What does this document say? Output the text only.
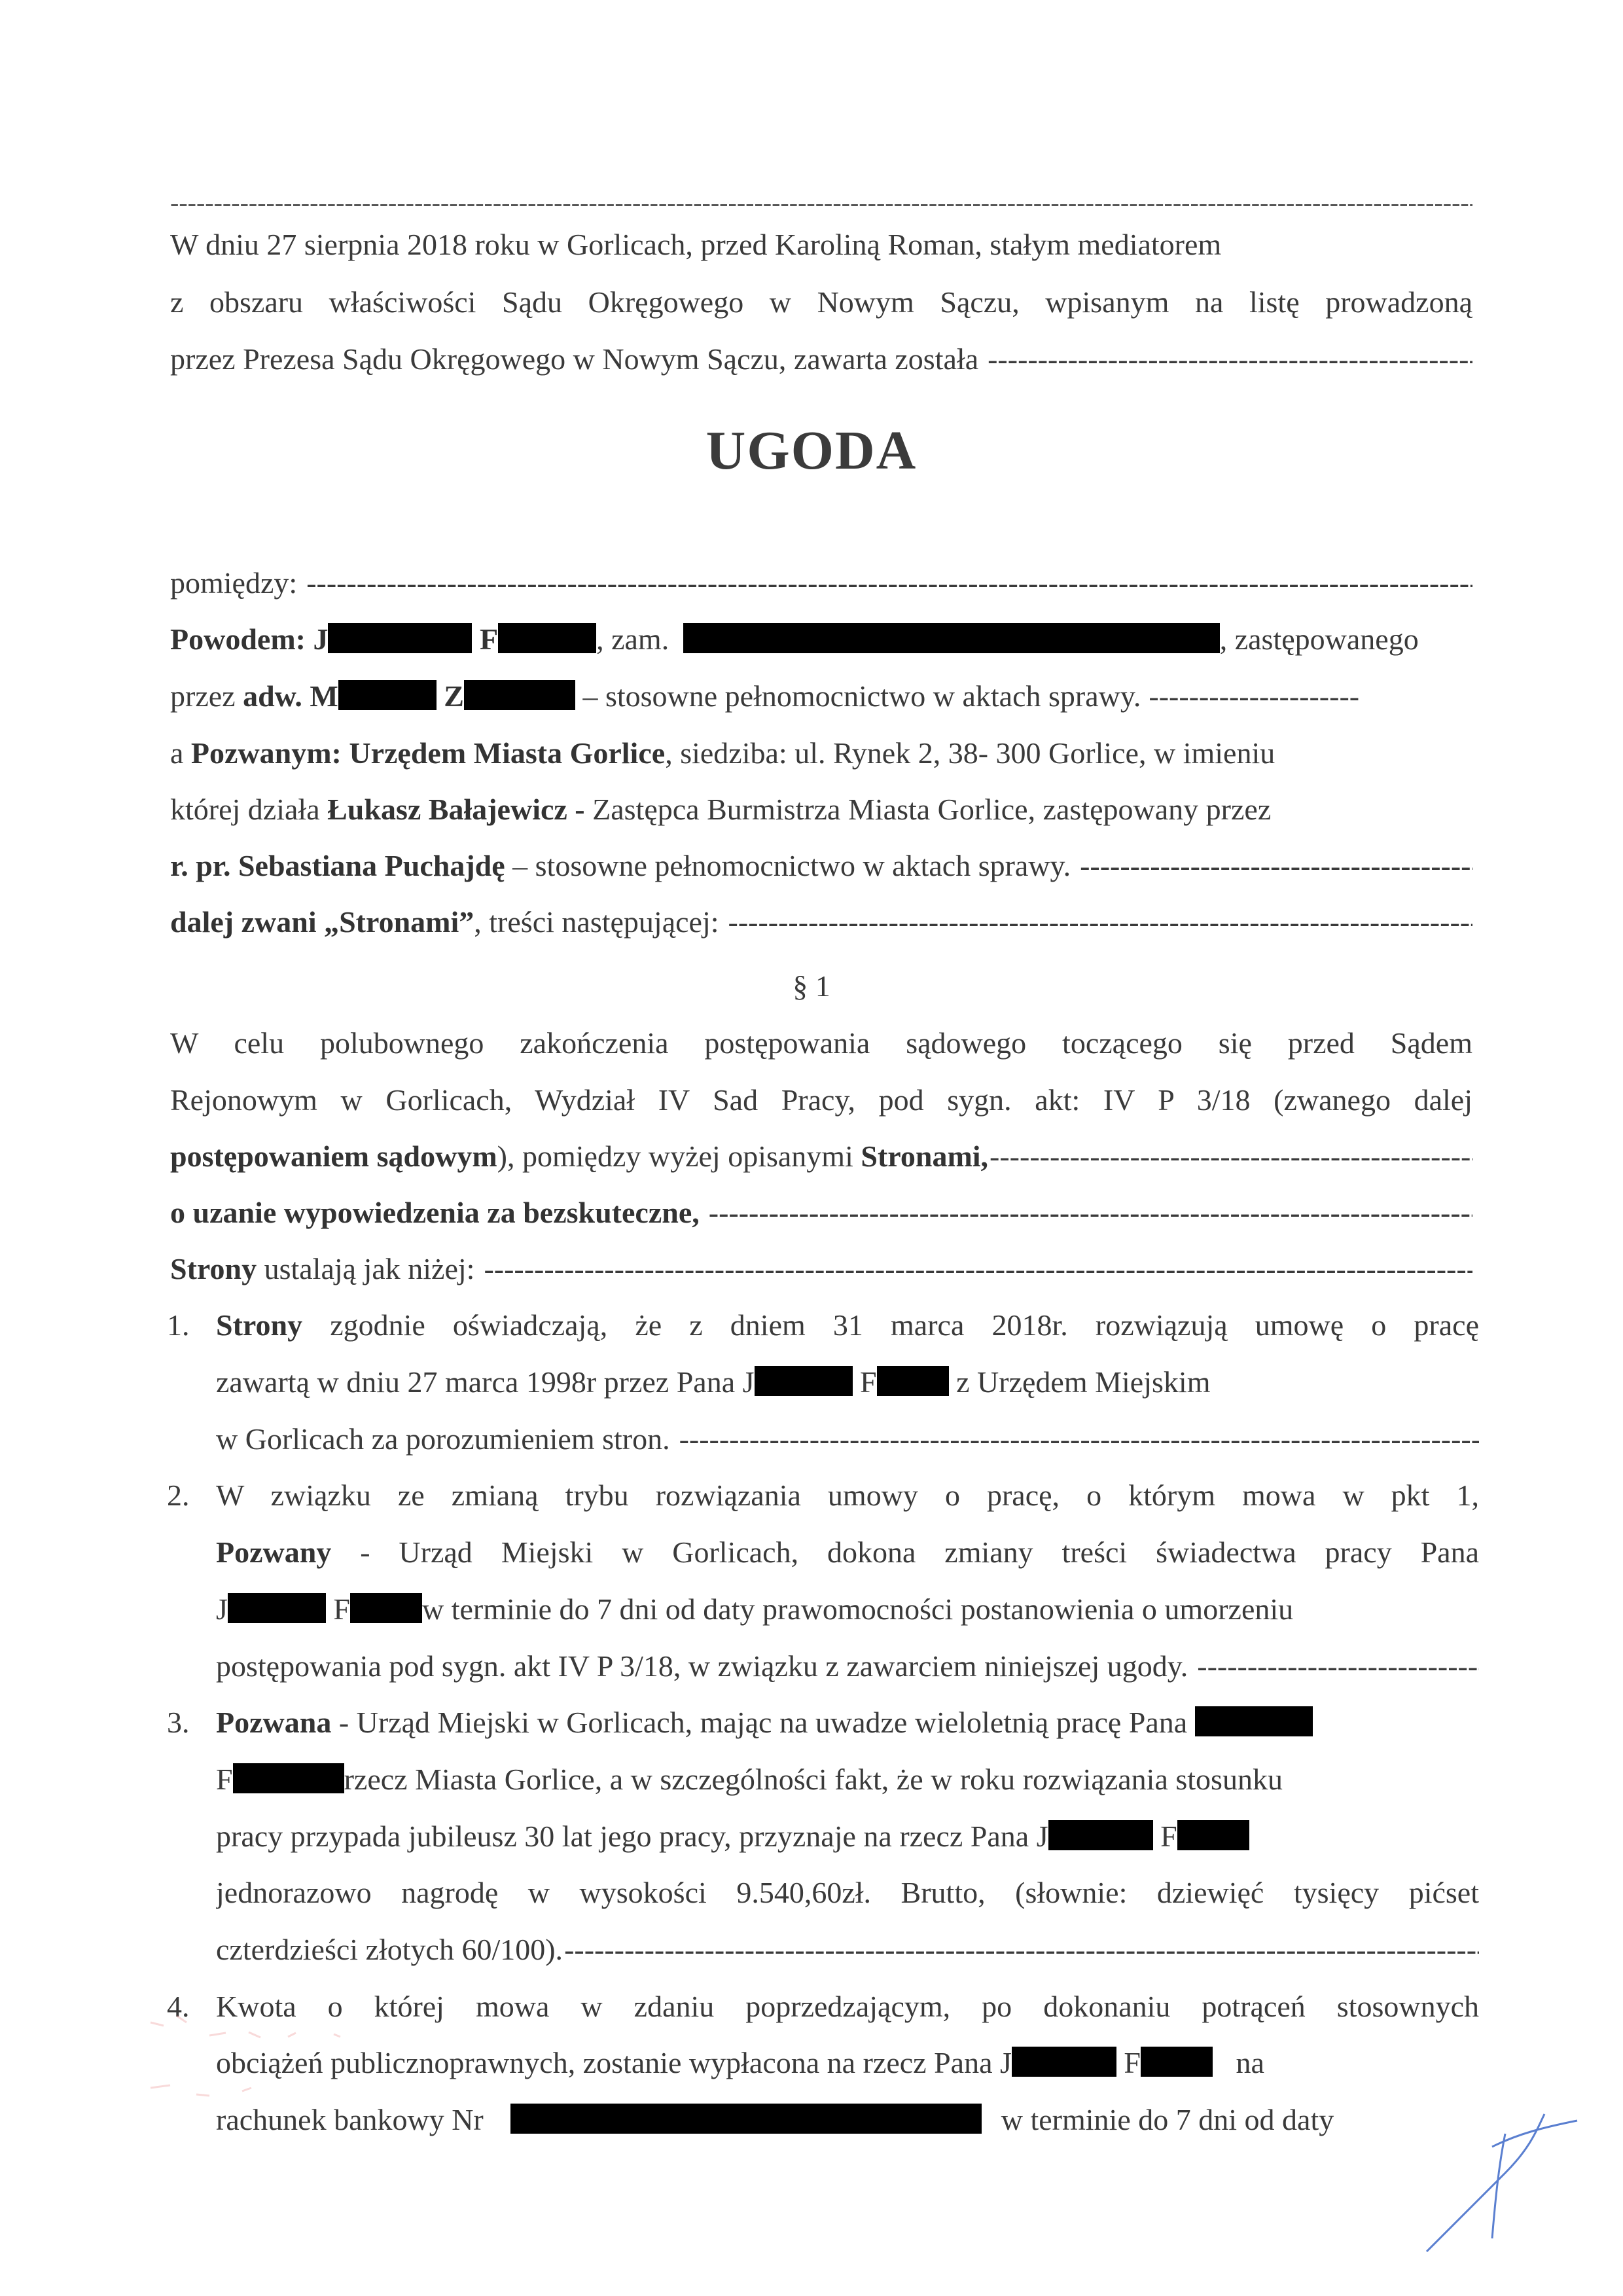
-----
W dniu 27 sierpnia 2018 roku w Gorlicach, przed Karoliną Roman, stałym mediatorem
z obszaru właściwości Sądu Okręgowego w Nowym Sączu, wpisanym na listę prowadzoną
przez Prezesa Sądu Okręgowego w Nowym Sączu, zawarta została
-----
UGODA
pomiędzy:
-----
Powodem: J	F	, zam.	, zastępowanego
przez adw. M	Z	– stosowne pełnomocnictwo w aktach sprawy. ---------------------
a Pozwanym: Urzędem Miasta Gorlice, siedziba: ul. Rynek 2, 38- 300 Gorlice, w imieniu
której działa Łukasz Bałajewicz - Zastępca Burmistrza Miasta Gorlice, zastępowany przez
r. pr. Sebastiana Puchajdę – stosowne pełnomocnictwo w aktach sprawy.
-----
dalej zwani „Stronami”, treści następującej:
-----
§ 1
W celu polubownego zakończenia postępowania sądowego toczącego się przed Sądem
Rejonowym w Gorlicach, Wydział IV Sad Pracy, pod sygn. akt: IV P 3/18 (zwanego dalej
postępowaniem sądowym), pomiędzy wyżej opisanymi Stronami,
-----
o uzanie wypowiedzenia za bezskuteczne,
-----
Strony ustalają jak niżej:
-----
1. Strony zgodnie oświadczają, że z dniem 31 marca 2018r. rozwiązują umowę o pracę
zawartą w dniu 27 marca 1998r przez Pana J	F	z Urzędem Miejskim
w Gorlicach za porozumieniem stron.
-----
2. W związku ze zmianą trybu rozwiązania umowy o pracę, o którym mowa w pkt 1,
Pozwany - Urząd Miejski w Gorlicach, dokona zmiany treści świadectwa pracy Pana
J	F w terminie do 7 dni od daty prawomocności postanowienia o umorzeniu
postępowania pod sygn. akt IV P 3/18, w związku z zawarciem niniejszej ugody.
-----
3. Pozwana - Urząd Miejski w Gorlicach, mając na uwadze wieloletnią pracę Pana
F	rzecz Miasta Gorlice, a w szczególności fakt, że w roku rozwiązania stosunku
pracy przypada jubileusz 30 lat jego pracy, przyznaje na rzecz Pana J	F
jednorazowo nagrodę w wysokości 9.540,60zł. Brutto, (słownie: dziewięć tysięcy pićset
czterdzieści złotych 60/100).
-----
4. Kwota o której mowa w zdaniu poprzedzającym, po dokonaniu potrąceń stosownych
obciążeń publicznoprawnych, zostanie wypłacona na rzecz Pana J	F	na
rachunek bankowy Nr	w terminie do 7 dni od daty
